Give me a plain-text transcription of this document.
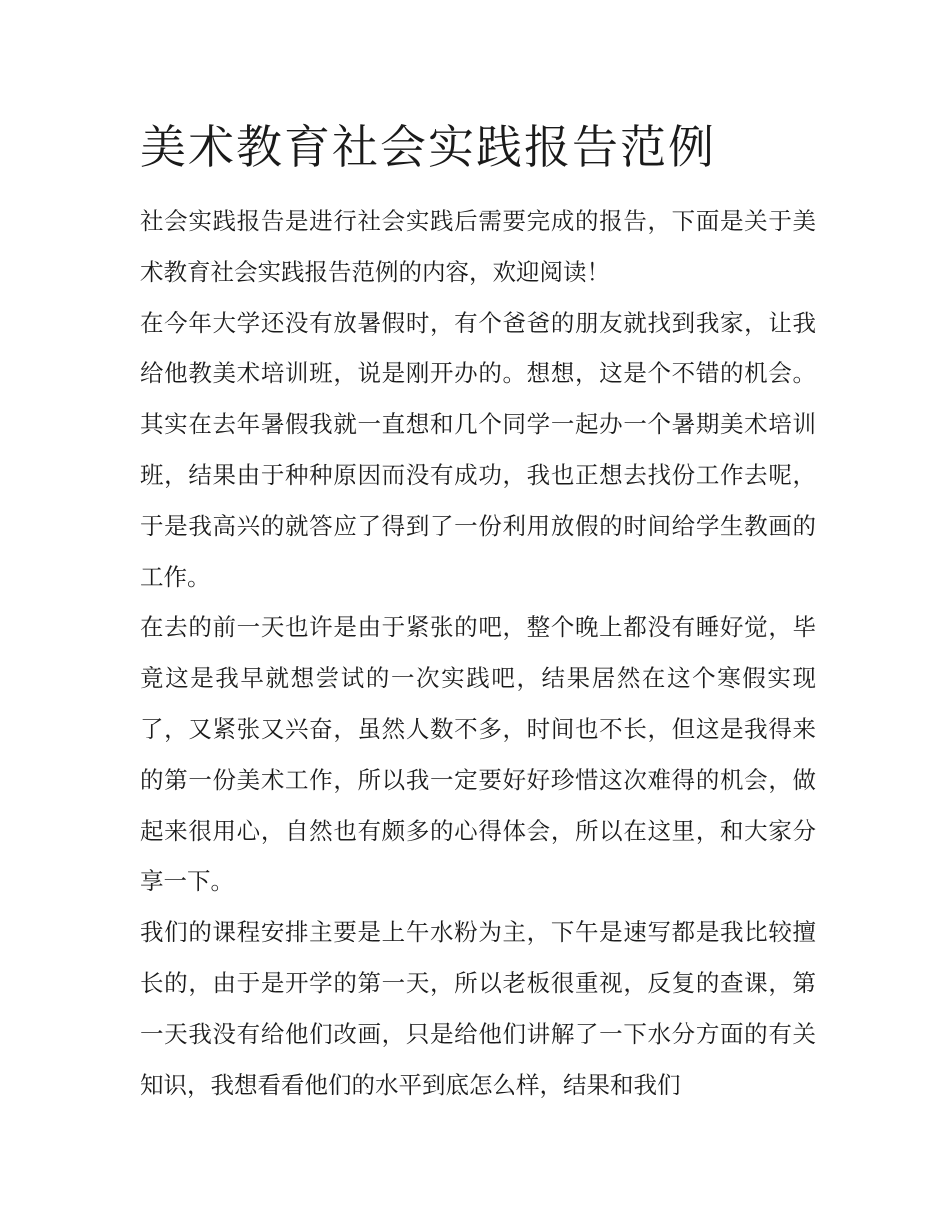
美术教育社会实践报告范例

社会实践报告是进行社会实践后需要完成的报告，下面是关于美术教育社会实践报告范例的内容，欢迎阅读！

在今年大学还没有放暑假时，有个爸爸的朋友就找到我家，让我给他教美术培训班，说是刚开办的。想想，这是个不错的机会。其实在去年暑假我就一直想和几个同学一起办一个暑期美术培训班，结果由于种种原因而没有成功，我也正想去找份工作去呢，于是我高兴的就答应了得到了一份利用放假的时间给学生教画的工作。

在去的前一天也许是由于紧张的吧，整个晚上都没有睡好觉，毕竟这是我早就想尝试的一次实践吧，结果居然在这个寒假实现了，又紧张又兴奋，虽然人数不多，时间也不长，但这是我得来的第一份美术工作，所以我一定要好好珍惜这次难得的机会，做起来很用心，自然也有颇多的心得体会，所以在这里，和大家分享一下。

我们的课程安排主要是上午水粉为主，下午是速写都是我比较擅长的，由于是开学的第一天，所以老板很重视，反复的查课，第一天我没有给他们改画，只是给他们讲解了一下水分方面的有关知识，我想看看他们的水平到底怎么样，结果和我们
